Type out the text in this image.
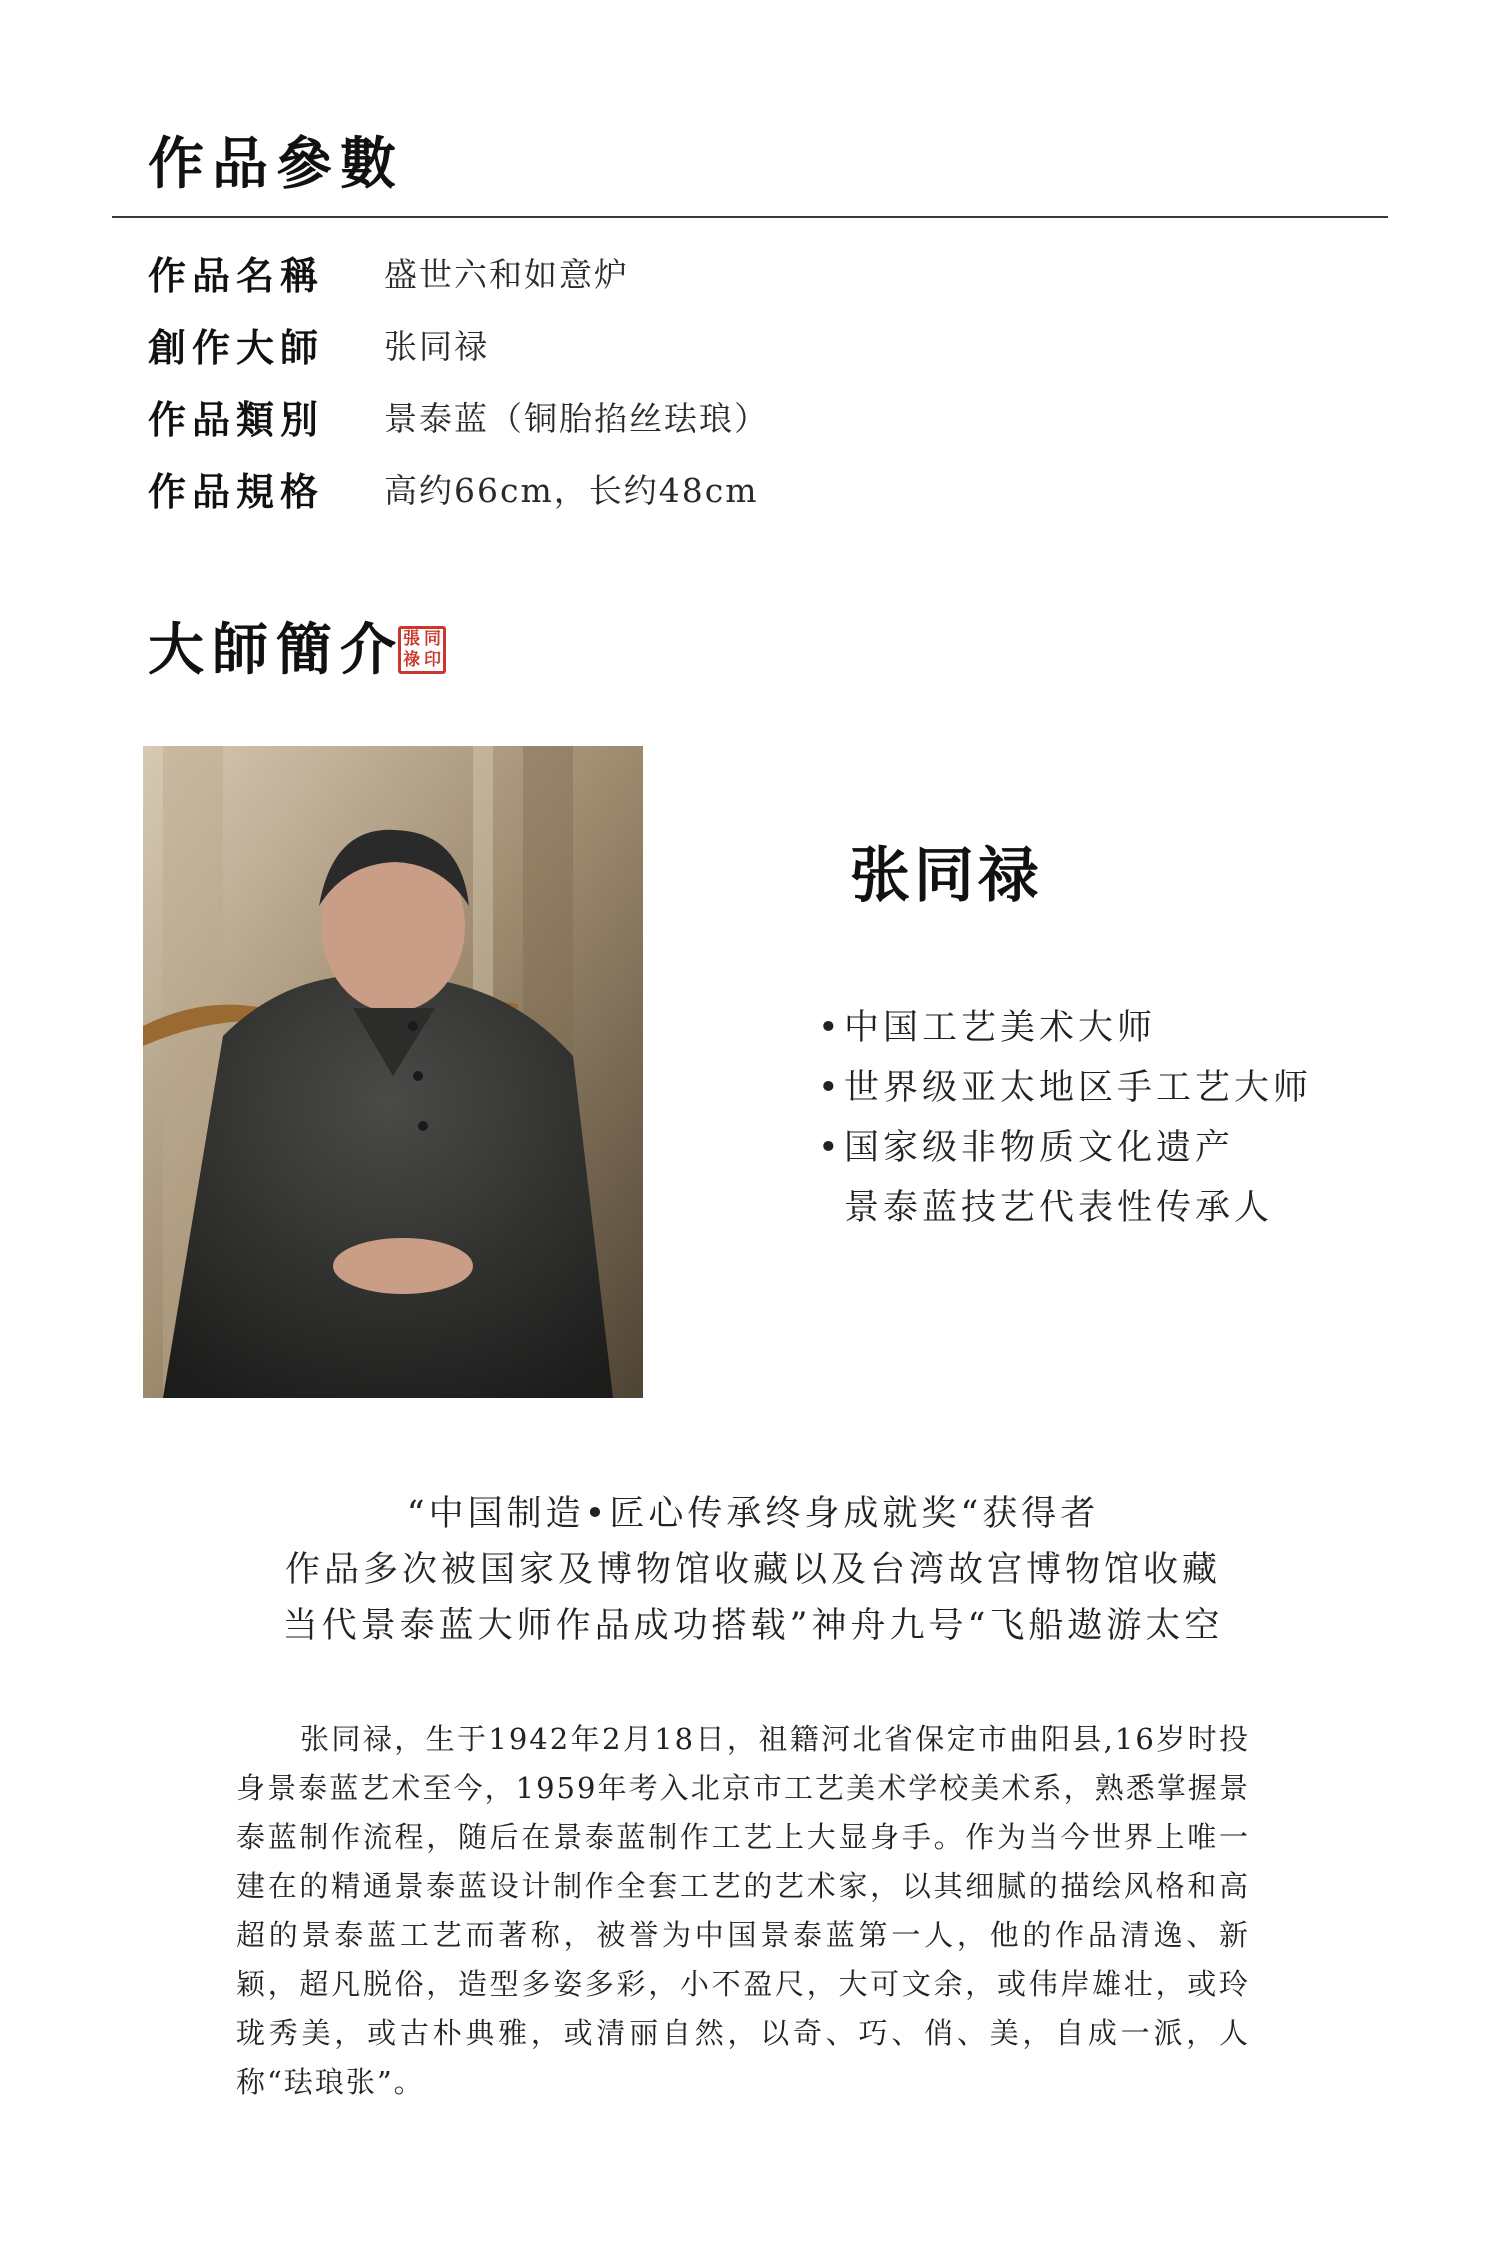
作品參數
作品名稱	盛世六和如意炉
創作大師	张同禄
作品類別	景泰蓝（铜胎掐丝珐琅）
作品規格	高约66cm，长约48cm
大師簡介 張 同
祿 印
张同禄
• 中国工艺美术大师
• 世界级亚太地区手工艺大师
• 国家级非物质文化遗产
景泰蓝技艺代表性传承人
“中国制造•匠心传承终身成就奖“获得者
作品多次被国家及博物馆收藏以及台湾故宫博物馆收藏
当代景泰蓝大师作品成功搭载”神舟九号“飞船遨游太空

张同禄，生于1942年2月18日，祖籍河北省保定市曲阳县,16岁时投身景泰蓝艺术至今，1959年考入北京市工艺美术学校美术系，熟悉掌握景泰蓝制作流程，随后在景泰蓝制作工艺上大显身手。作为当今世界上唯一建在的精通景泰蓝设计制作全套工艺的艺术家，以其细腻的描绘风格和高超的景泰蓝工艺而著称，被誉为中国景泰蓝第一人，他的作品清逸、新颖，超凡脱俗，造型多姿多彩，小不盈尺，大可文余，或伟岸雄壮，或玲珑秀美，或古朴典雅，或清丽自然，以奇、巧、俏、美，自成一派，人称“珐琅张”。
